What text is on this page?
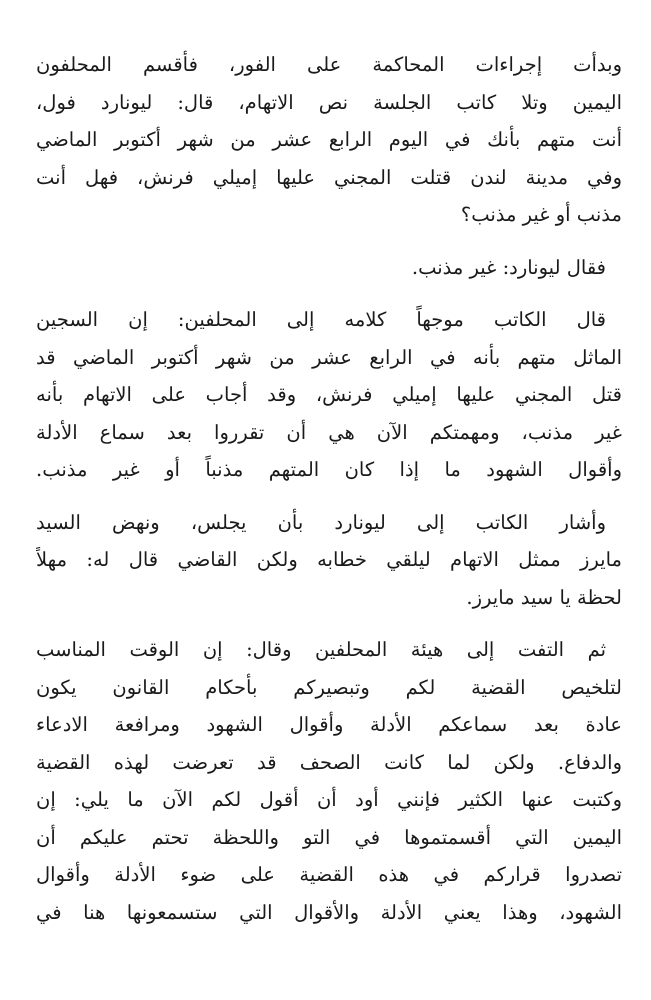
وبدأت إجراءات المحاكمة على الفور، فأقسم المحلفون
اليمين وتلا كاتب الجلسة نص الاتهام، قال: ليونارد فول،
أنت متهم بأنك في اليوم الرابع عشر من شهر أكتوبر الماضي
وفي مدينة لندن قتلت المجني عليها إميلي فرنش، فهل أنت
مذنب أو غير مذنب؟
فقال ليونارد: غير مذنب.
قال الكاتب موجهاً كلامه إلى المحلفين: إن السجين
الماثل متهم بأنه في الرابع عشر من شهر أكتوبر الماضي قد
قتل المجني عليها إميلي فرنش، وقد أجاب على الاتهام بأنه
غير مذنب، ومهمتكم الآن هي أن تقرروا بعد سماع الأدلة
وأقوال الشهود ما إذا كان المتهم مذنباً أو غير مذنب.
وأشار الكاتب إلى ليونارد بأن يجلس، ونهض السيد
مايرز ممثل الاتهام ليلقي خطابه ولكن القاضي قال له: مهلاً
لحظة يا سيد مايرز.
ثم التفت إلى هيئة المحلفين وقال: إن الوقت المناسب
لتلخيص القضية لكم وتبصيركم بأحكام القانون يكون
عادة بعد سماعكم الأدلة وأقوال الشهود ومرافعة الادعاء
والدفاع. ولكن لما كانت الصحف قد تعرضت لهذه القضية
وكتبت عنها الكثير فإنني أود أن أقول لكم الآن ما يلي: إن
اليمين التي أقسمتموها في التو واللحظة تحتم عليكم أن
تصدروا قراركم في هذه القضية على ضوء الأدلة وأقوال
الشهود، وهذا يعني الأدلة والأقوال التي ستسمعونها هنا في
